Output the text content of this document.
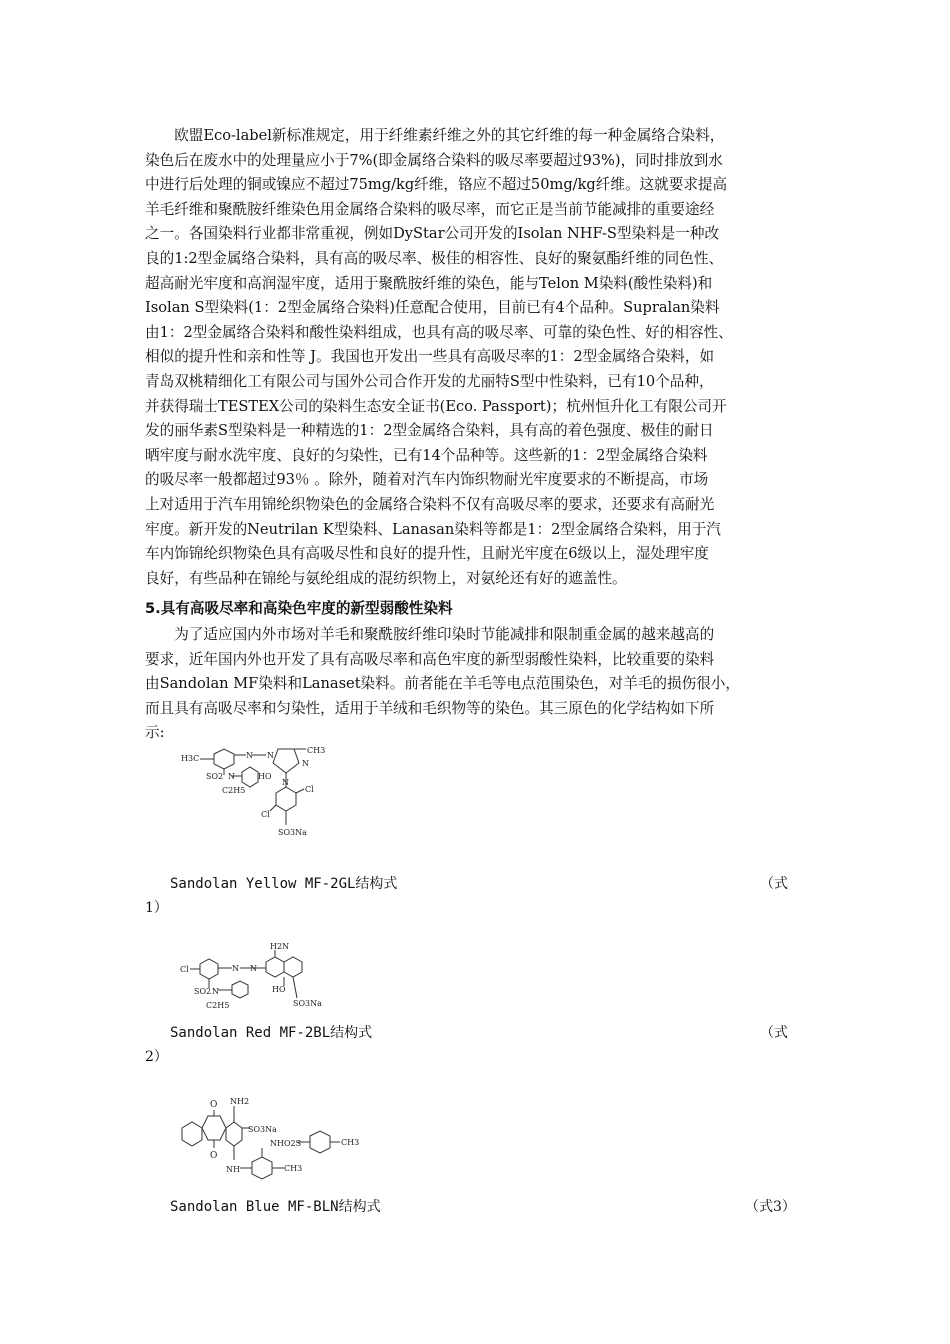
　　欧盟Eco-label新标准规定，用于纤维素纤维之外的其它纤维的每一种金属络合染料，
染色后在废水中的处理量应小于7%(即金属络合染料的吸尽率要超过93%)，同时排放到水
中进行后处理的铜或镍应不超过75mg/kg纤维，铬应不超过50mg/kg纤维。这就要求提高
羊毛纤维和聚酰胺纤维染色用金属络合染料的吸尽率，而它正是当前节能减排的重要途经
之一。各国染料行业都非常重视，例如DyStar公司开发的Isolan NHF-S型染料是一种改
良的1:2型金属络合染料，具有高的吸尽率、极佳的相容性、良好的聚氨酯纤维的同色性、
超高耐光牢度和高润湿牢度，适用于聚酰胺纤维的染色，能与Telon M染料(酸性染料)和
Isolan S型染料(1：2型金属络合染料)任意配合使用，目前已有4个品种。Supralan染料
由1：2型金属络合染料和酸性染料组成，也具有高的吸尽率、可靠的染色性、好的相容性、
相似的提升性和亲和性等 J。我国也开发出一些具有高吸尽率的1：2型金属络合染料，如
青岛双桃精细化工有限公司与国外公司合作开发的尤丽特S型中性染料，已有10个品种，
并获得瑞士TESTEX公司的染料生态安全证书(Eco. Passport)；杭州恒升化工有限公司开
发的丽华素S型染料是一种精选的1：2型金属络合染料，具有高的着色强度、极佳的耐日
晒牢度与耐水洗牢度、良好的匀染性，已有14个品种等。这些新的1：2型金属络合染料
的吸尽率一般都超过93％ 。除外，随着对汽车内饰织物耐光牢度要求的不断提高，市场
上对适用于汽车用锦纶织物染色的金属络合染料不仅有高吸尽率的要求，还要求有高耐光
牢度。新开发的Neutrilan K型染料、Lanasan染料等都是1：2型金属络合染料，用于汽
车内饰锦纶织物染色具有高吸尽性和良好的提升性，且耐光牢度在6级以上，湿处理牢度
良好，有些品种在锦纶与氨纶组成的混纺织物上，对氨纶还有好的遮盖性。
5.具有高吸尽率和高染色牢度的新型弱酸性染料
　　为了适应国内外市场对羊毛和聚酰胺纤维印染时节能减排和限制重金属的越来越高的
要求，近年国内外也开发了具有高吸尽率和高色牢度的新型弱酸性染料，比较重要的染料
由Sandolan MF染料和Lanaset染料。前者能在羊毛等电点范围染色，对羊毛的损伤很小，
而且具有高吸尽率和匀染性，适用于羊绒和毛织物等的染色。其三原色的化学结构如下所
示:
H3C	N N
CH3
N
SO2 N
C2H5
HO
N
Cl
Cl
SO3Na
Sandolan Yellow MF-2GL结构式	（式
1）
H2N
Cl	N N
SO2 N
C2H5
HO
SO3Na
Sandolan Red MF-2BL结构式	（式
2）
O NH2
SO3Na
O
NH
NHO2S	CH3
CH3
Sandolan Blue MF-BLN结构式	（式3）
